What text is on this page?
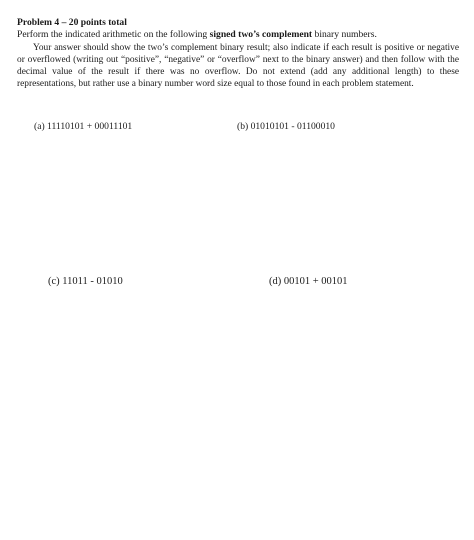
Problem 4 – 20 points total
Perform the indicated arithmetic on the following signed two’s complement binary numbers.
Your answer should show the two’s complement binary result; also indicate if each result is positive or negative or overflowed (writing out “positive”, “negative” or “overflow” next to the binary answer) and then follow with the decimal value of the result if there was no overflow. Do not extend (add any additional length) to these representations, but rather use a binary number word size equal to those found in each problem statement.
(a) 11110101 + 00011101	(b) 01010101 - 01100010
(c) 11011 - 01010	(d) 00101 + 00101
